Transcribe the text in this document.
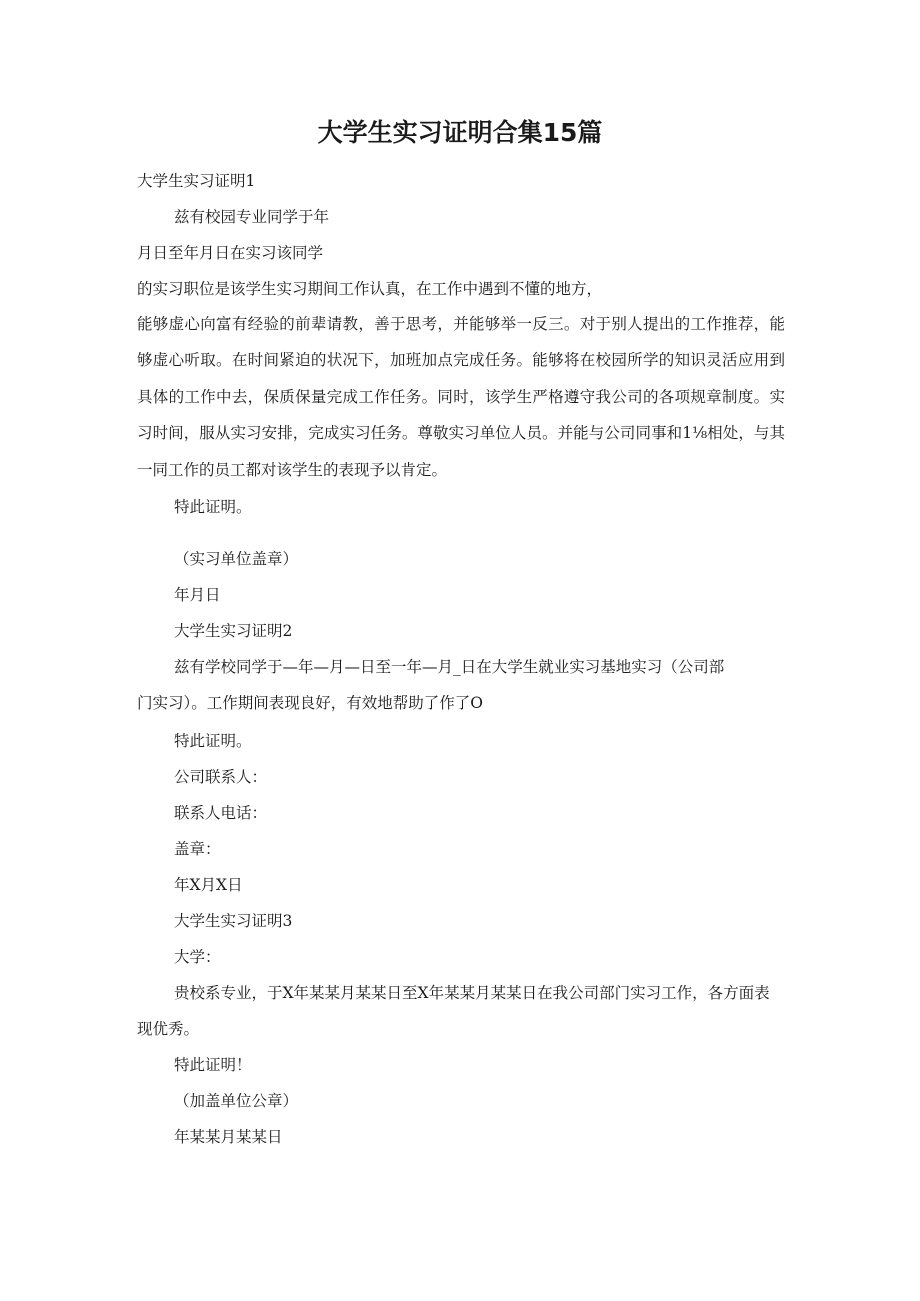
大学生实习证明合集15篇
大学生实习证明1
兹有校园专业同学于年
月日至年月日在实习该同学
的实习职位是该学生实习期间工作认真，在工作中遇到不懂的地方，
能够虚心向富有经验的前辈请教，善于思考，并能够举一反三。对于别人提出的工作推荐，能够虚心听取。在时间紧迫的状况下，加班加点完成任务。能够将在校园所学的知识灵活应用到具体的工作中去，保质保量完成工作任务。同时，该学生严格遵守我公司的各项规章制度。实习时间，服从实习安排，完成实习任务。尊敬实习单位人员。并能与公司同事和1⅛相处，与其一同工作的员工都对该学生的表现予以肯定。
特此证明。
（实习单位盖章）
年月日
大学生实习证明2
兹有学校同学于—年—月—日至一年—月_日在大学生就业实习基地实习（公司部
门实习）。工作期间表现良好，有效地帮助了作了O
特此证明。
公司联系人：
联系人电话：
盖章：
年X月X日
大学生实习证明3
大学：
贵校系专业，于X年某某月某某日至X年某某月某某日在我公司部门实习工作，各方面表
现优秀。
特此证明！
（加盖单位公章）
年某某月某某日
